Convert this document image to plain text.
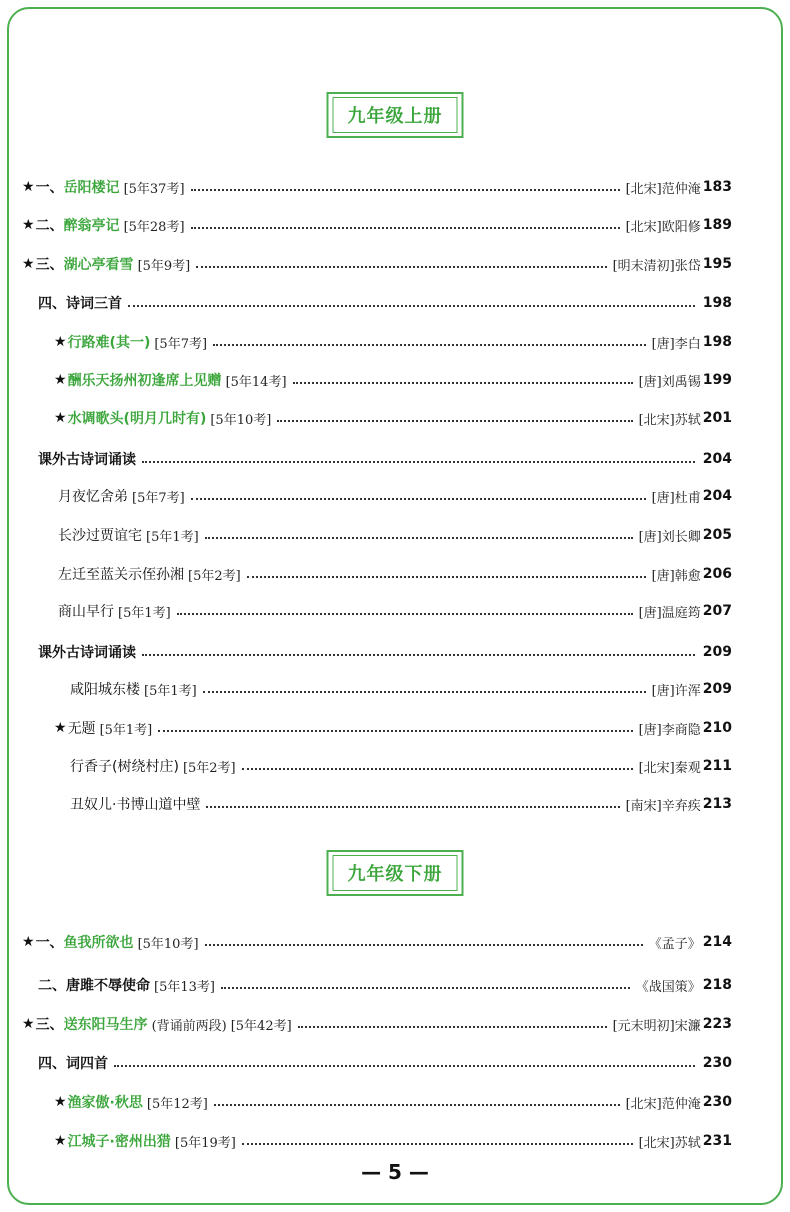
九年级上册
九年级下册
★ 一、 岳阳楼记 [5年37考]	[北宋]范仲淹 183
★ 二、 醉翁亭记 [5年28考]	[北宋]欧阳修 189
★ 三、 湖心亭看雪 [5年9考]	[明末清初]张岱 195
四、 诗词三首	198
★ 行路难(其一) [5年7考]	[唐]李白 198
★ 酬乐天扬州初逢席上见赠 [5年14考]	[唐]刘禹锡 199
★ 水调歌头(明月几时有) [5年10考]	[北宋]苏轼 201
课外古诗词诵读	204
月夜忆舍弟 [5年7考]	[唐]杜甫 204
长沙过贾谊宅 [5年1考]	[唐]刘长卿 205
左迁至蓝关示侄孙湘 [5年2考]	[唐]韩愈 206
商山早行 [5年1考]	[唐]温庭筠 207
课外古诗词诵读	209
咸阳城东楼 [5年1考]	[唐]许浑 209
★ 无题 [5年1考]	[唐]李商隐 210
行香子(树绕村庄) [5年2考]	[北宋]秦观 211
丑奴儿·书博山道中壁	[南宋]辛弃疾 213
★ 一、 鱼我所欲也 [5年10考]	《孟子》 214
二、 唐雎不辱使命 [5年13考]	《战国策》 218
★ 三、 送东阳马生序 (背诵前两段) [5年42考]	[元末明初]宋濂 223
四、 词四首	230
★ 渔家傲·秋思 [5年12考]	[北宋]范仲淹 230
★ 江城子·密州出猎 [5年19考]	[北宋]苏轼 231
— 5 —
